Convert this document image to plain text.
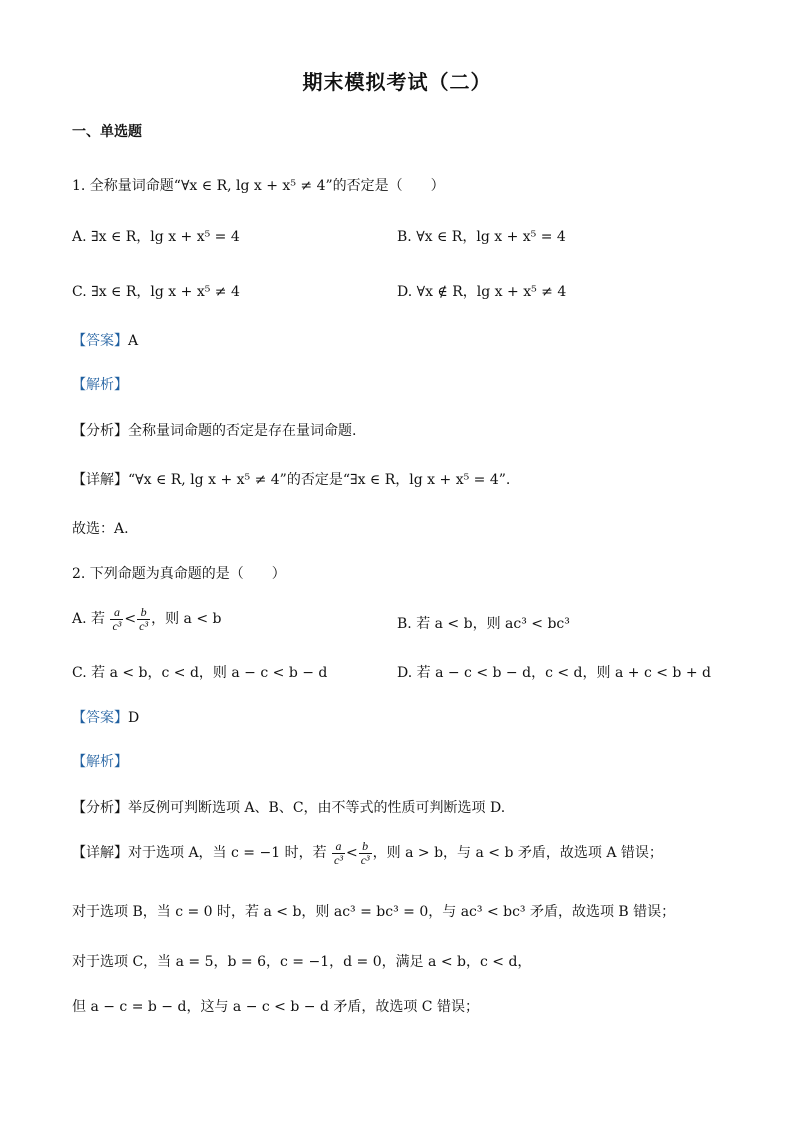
期末模拟考试（二）
一、单选题
1. 全称量词命题“∀x ∈ R, lg x + x⁵ ≠ 4”的否定是（　　）
A. ∃x ∈ R，lg x + x⁵ = 4	B. ∀x ∈ R，lg x + x⁵ = 4
C. ∃x ∈ R，lg x + x⁵ ≠ 4	D. ∀x ∉ R，lg x + x⁵ ≠ 4
【答案】A
【解析】
【分析】全称量词命题的否定是存在量词命题.
【详解】“∀x ∈ R, lg x + x⁵ ≠ 4”的否定是“∃x ∈ R，lg x + x⁵ = 4”.
故选：A.
2. 下列命题为真命题的是（　　）
A. 若 $\frac{a}{\text{c³}} < \frac{b}{\text{c³}}$ ，则 a < b	B. 若 a < b，则 ac³ < bc³
C. 若 a < b，c < d，则 a − c < b − d	D. 若 a − c < b − d，c < d，则 a + c < b + d
【答案】D
【解析】
【分析】举反例可判断选项 A、B、C，由不等式的性质可判断选项 D.
【详解】对于选项 A，当 c = −1 时，若 $\frac{a}{\text{c³}} < \frac{b}{\text{c³}}$ ，则 a > b，与 a < b 矛盾，故选项 A 错误；
对于选项 B，当 c = 0 时，若 a < b，则 ac³ = bc³ = 0，与 ac³ < bc³ 矛盾，故选项 B 错误；
对于选项 C，当 a = 5，b = 6，c = −1，d = 0，满足 a < b，c < d，
但 a − c = b − d，这与 a − c < b − d 矛盾，故选项 C 错误；
